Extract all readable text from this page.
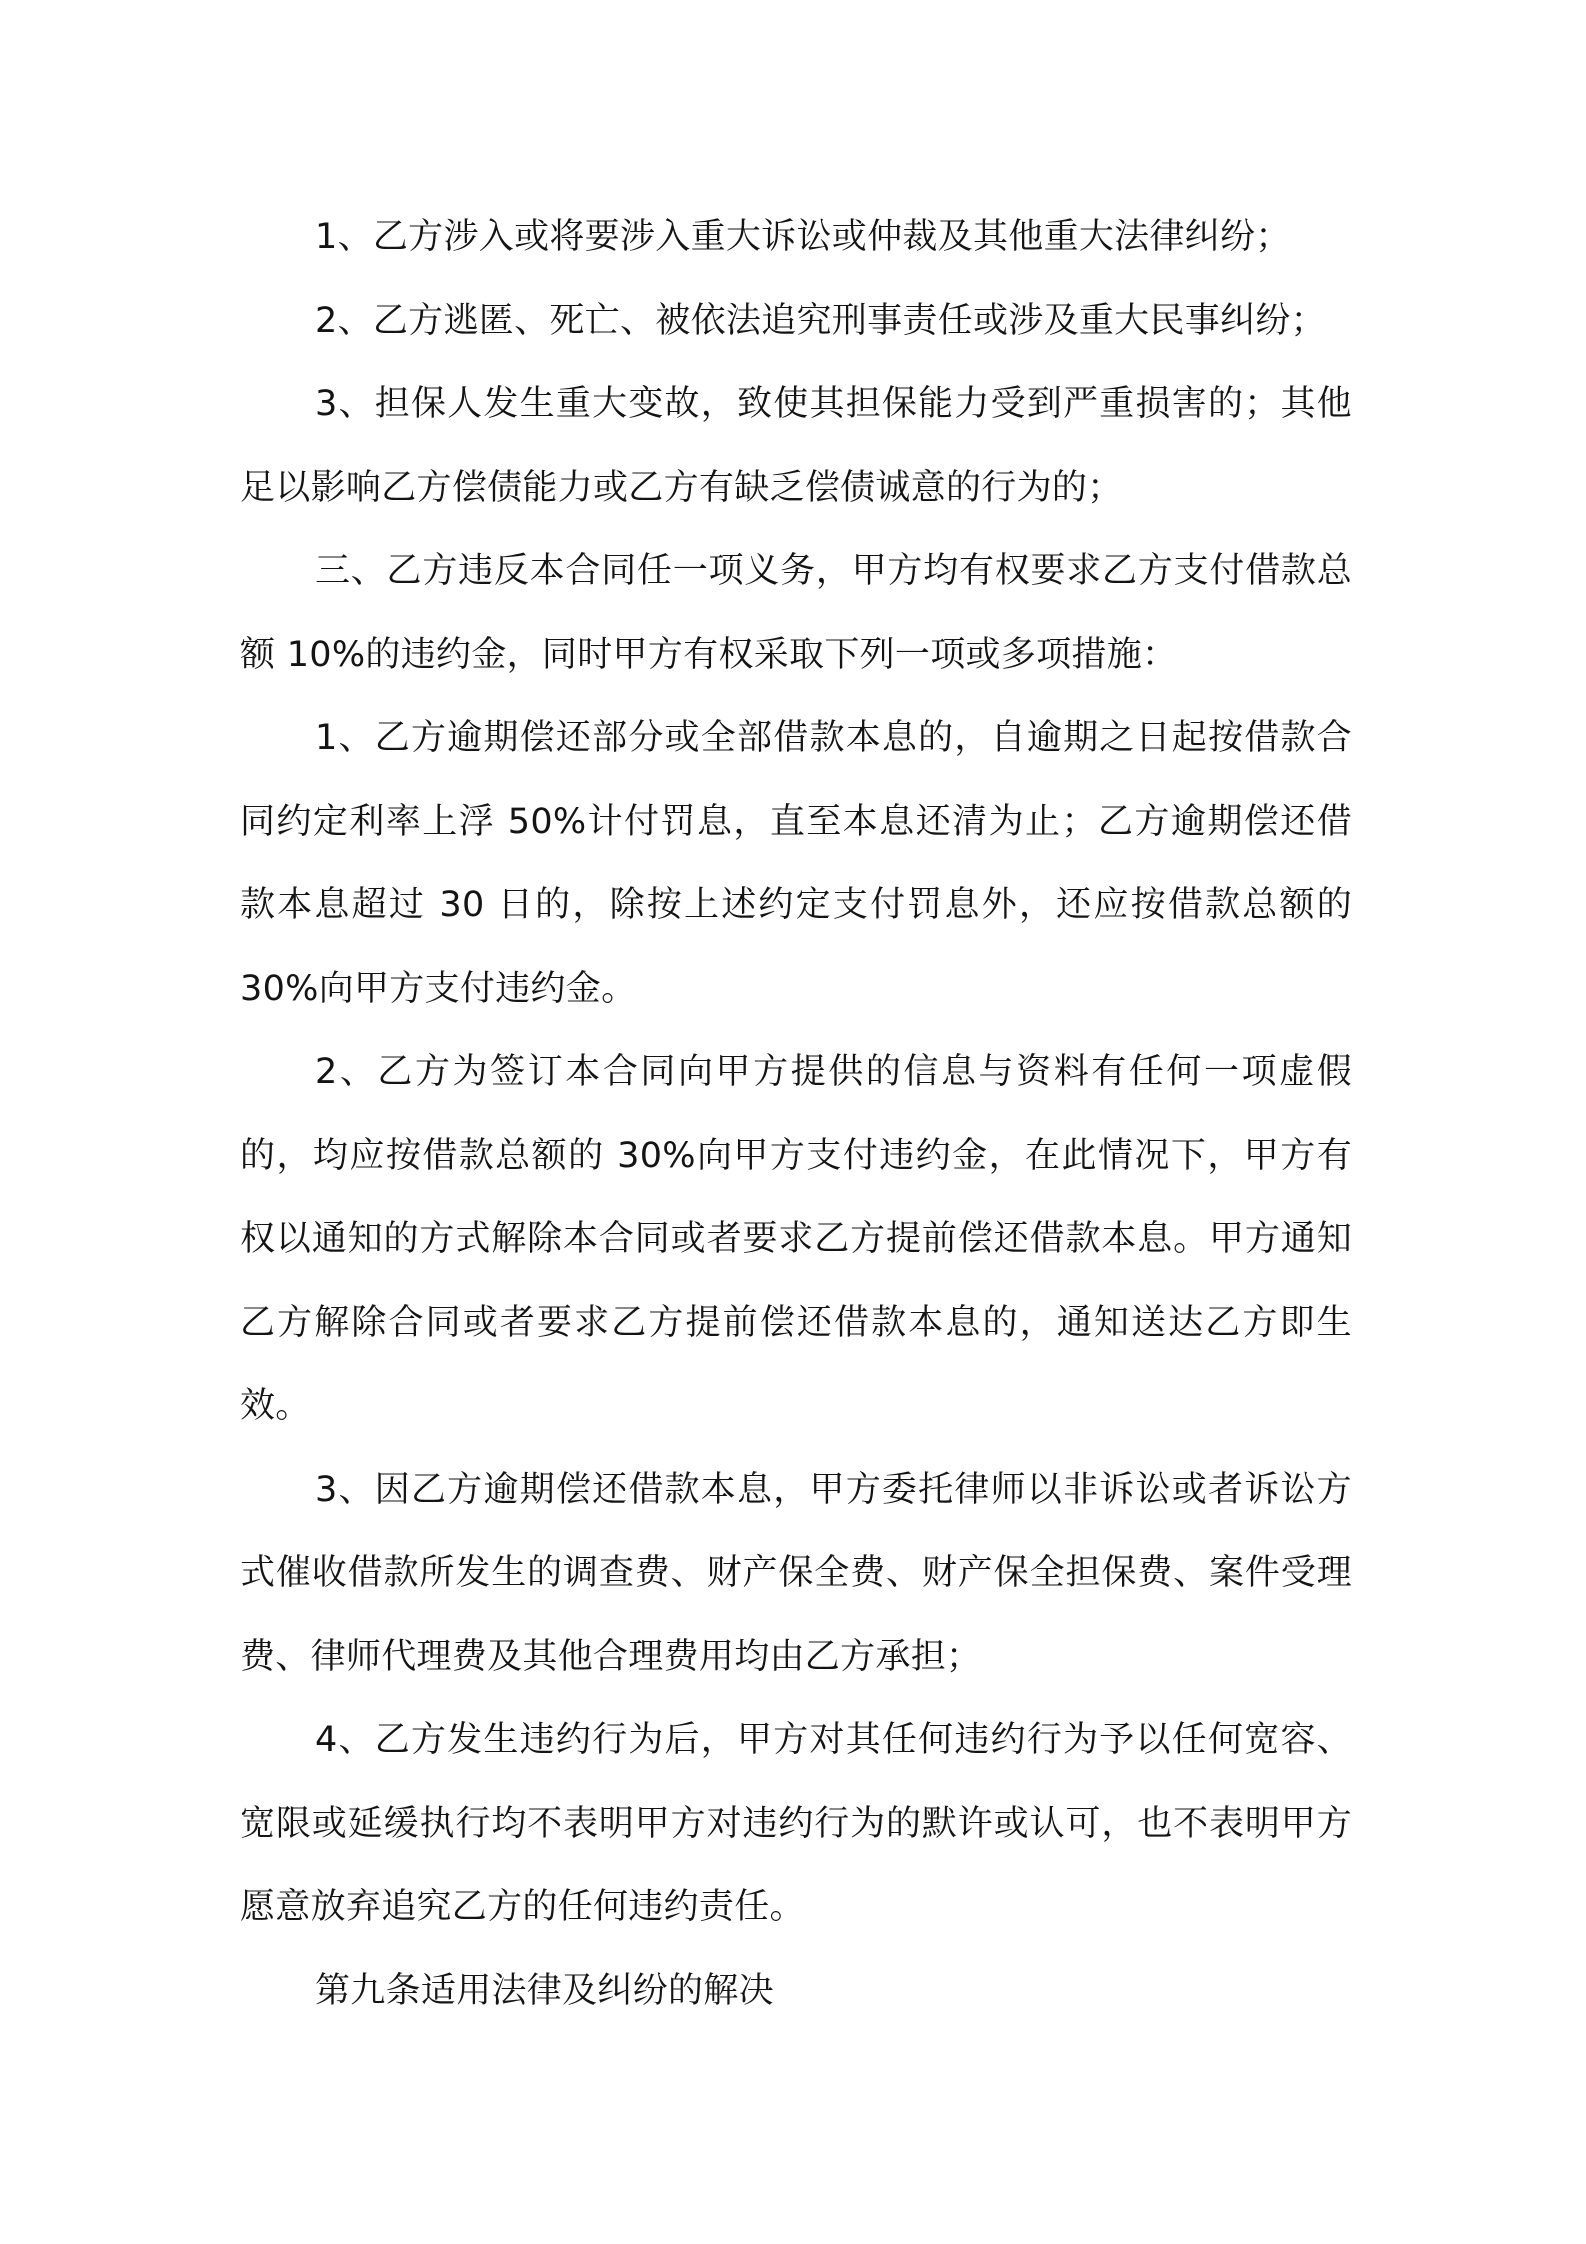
1、乙方涉入或将要涉入重大诉讼或仲裁及其他重大法律纠纷；

2、乙方逃匿、死亡、被依法追究刑事责任或涉及重大民事纠纷；

3、担保人发生重大变故，致使其担保能力受到严重损害的；其他足以影响乙方偿债能力或乙方有缺乏偿债诚意的行为的；

三、乙方违反本合同任一项义务，甲方均有权要求乙方支付借款总额 10%的违约金，同时甲方有权采取下列一项或多项措施：

1、乙方逾期偿还部分或全部借款本息的，自逾期之日起按借款合同约定利率上浮 50%计付罚息，直至本息还清为止；乙方逾期偿还借款本息超过 30 日的，除按上述约定支付罚息外，还应按借款总额的 30%向甲方支付违约金。

2、乙方为签订本合同向甲方提供的信息与资料有任何一项虚假的，均应按借款总额的 30%向甲方支付违约金，在此情况下，甲方有权以通知的方式解除本合同或者要求乙方提前偿还借款本息。甲方通知乙方解除合同或者要求乙方提前偿还借款本息的，通知送达乙方即生效。

3、因乙方逾期偿还借款本息，甲方委托律师以非诉讼或者诉讼方式催收借款所发生的调查费、财产保全费、财产保全担保费、案件受理费、律师代理费及其他合理费用均由乙方承担；

4、乙方发生违约行为后，甲方对其任何违约行为予以任何宽容、宽限或延缓执行均不表明甲方对违约行为的默许或认可，也不表明甲方愿意放弃追究乙方的任何违约责任。

第九条适用法律及纠纷的解决
